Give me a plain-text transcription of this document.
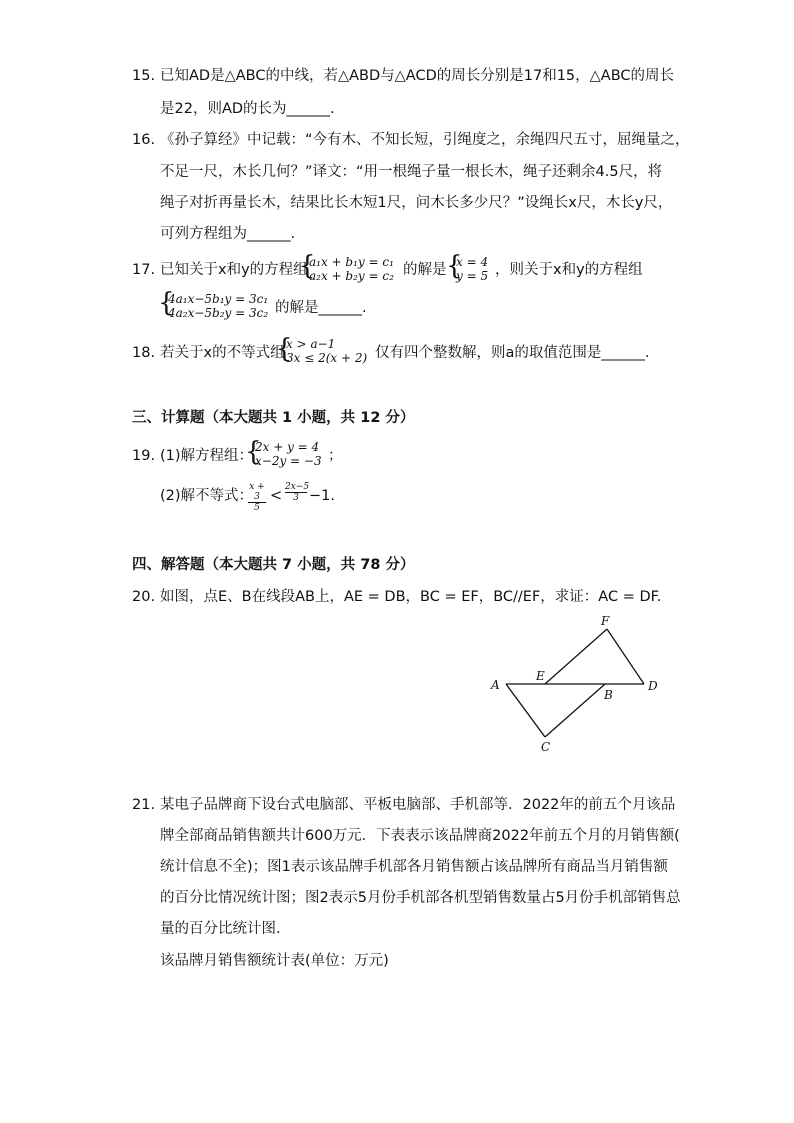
15. 已知AD是△ABC的中线，若△ABD与△ACD的周长分别是17和15，△ABC的周长
是22，则AD的长为______.
16. 《孙子算经》中记载：“今有木、不知长短，引绳度之，余绳四尺五寸，屈绳量之，
不足一尺，木长几何？”译文：“用一根绳子量一根长木，绳子还剩余4.5尺，将
绳子对折再量长木，结果比长木短1尺，问木长多少尺？”设绳长x尺，木长y尺，
可列方程组为______.
17. 已知关于x和y的方程组
{
a₁x + b₁y = c₁
a₂x + b₂y = c₂ 的解是 {
x = 4
y = 5 ，则关于x和y的方程组
{
4a₁x−5b₁y = 3c₁
4a₂x−5b₂y = 3c₂ 的解是______.
18. 若关于x的不等式组
{
x > a−1
3x ≤ 2(x + 2) 仅有四个整数解，则a的取值范围是______.
三、计算题（本大题共 1 小题，共 12 分）
19. (1)解方程组：
{
2x + y = 4
x−2y = −3 ；
(2)解不等式：
$\frac{x + 3}{5} < \frac{2x-5}{3} -1$.
四、解答题（本大题共 7 小题，共 78 分）
20. 如图，点E、B在线段AB上，AE = DB，BC = EF，BC//EF，求证：AC = DF.
A
E
B
D
F
C
21. 某电子品牌商下设台式电脑部、平板电脑部、手机部等．2022年的前五个月该品
牌全部商品销售额共计600万元．下表表示该品牌商2022年前五个月的月销售额(
统计信息不全)；图1表示该品牌手机部各月销售额占该品牌所有商品当月销售额
的百分比情况统计图；图2表示5月份手机部各机型销售数量占5月份手机部销售总
量的百分比统计图．
该品牌月销售额统计表(单位：万元)
